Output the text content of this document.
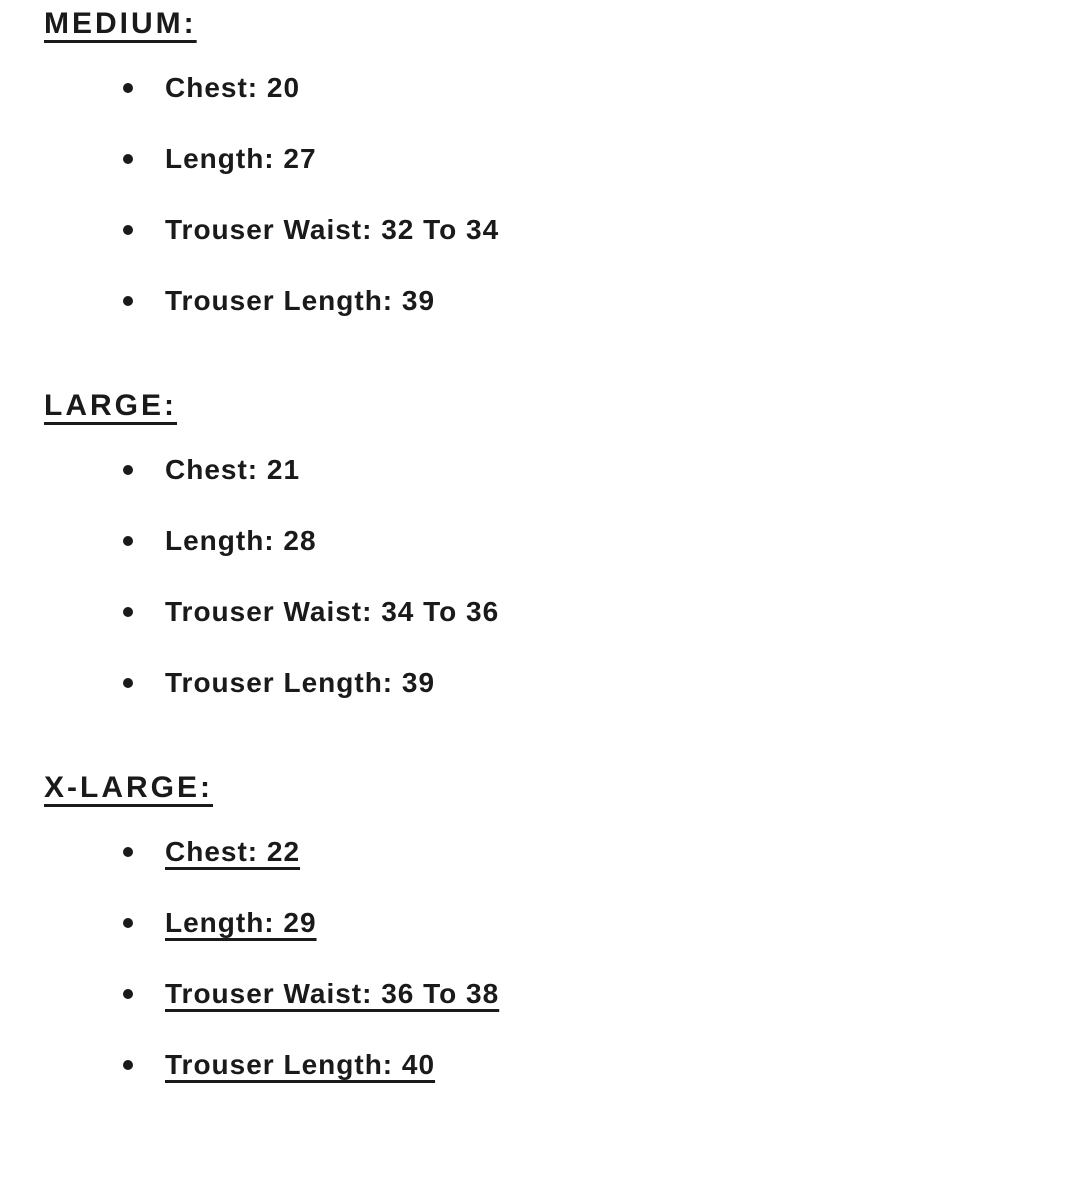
MEDIUM:
Chest: 20
Length: 27
Trouser Waist: 32 To 34
Trouser Length: 39
LARGE:
Chest: 21
Length: 28
Trouser Waist: 34 To 36
Trouser Length: 39
X-LARGE:
Chest: 22
Length: 29
Trouser Waist: 36 To 38
Trouser Length: 40
